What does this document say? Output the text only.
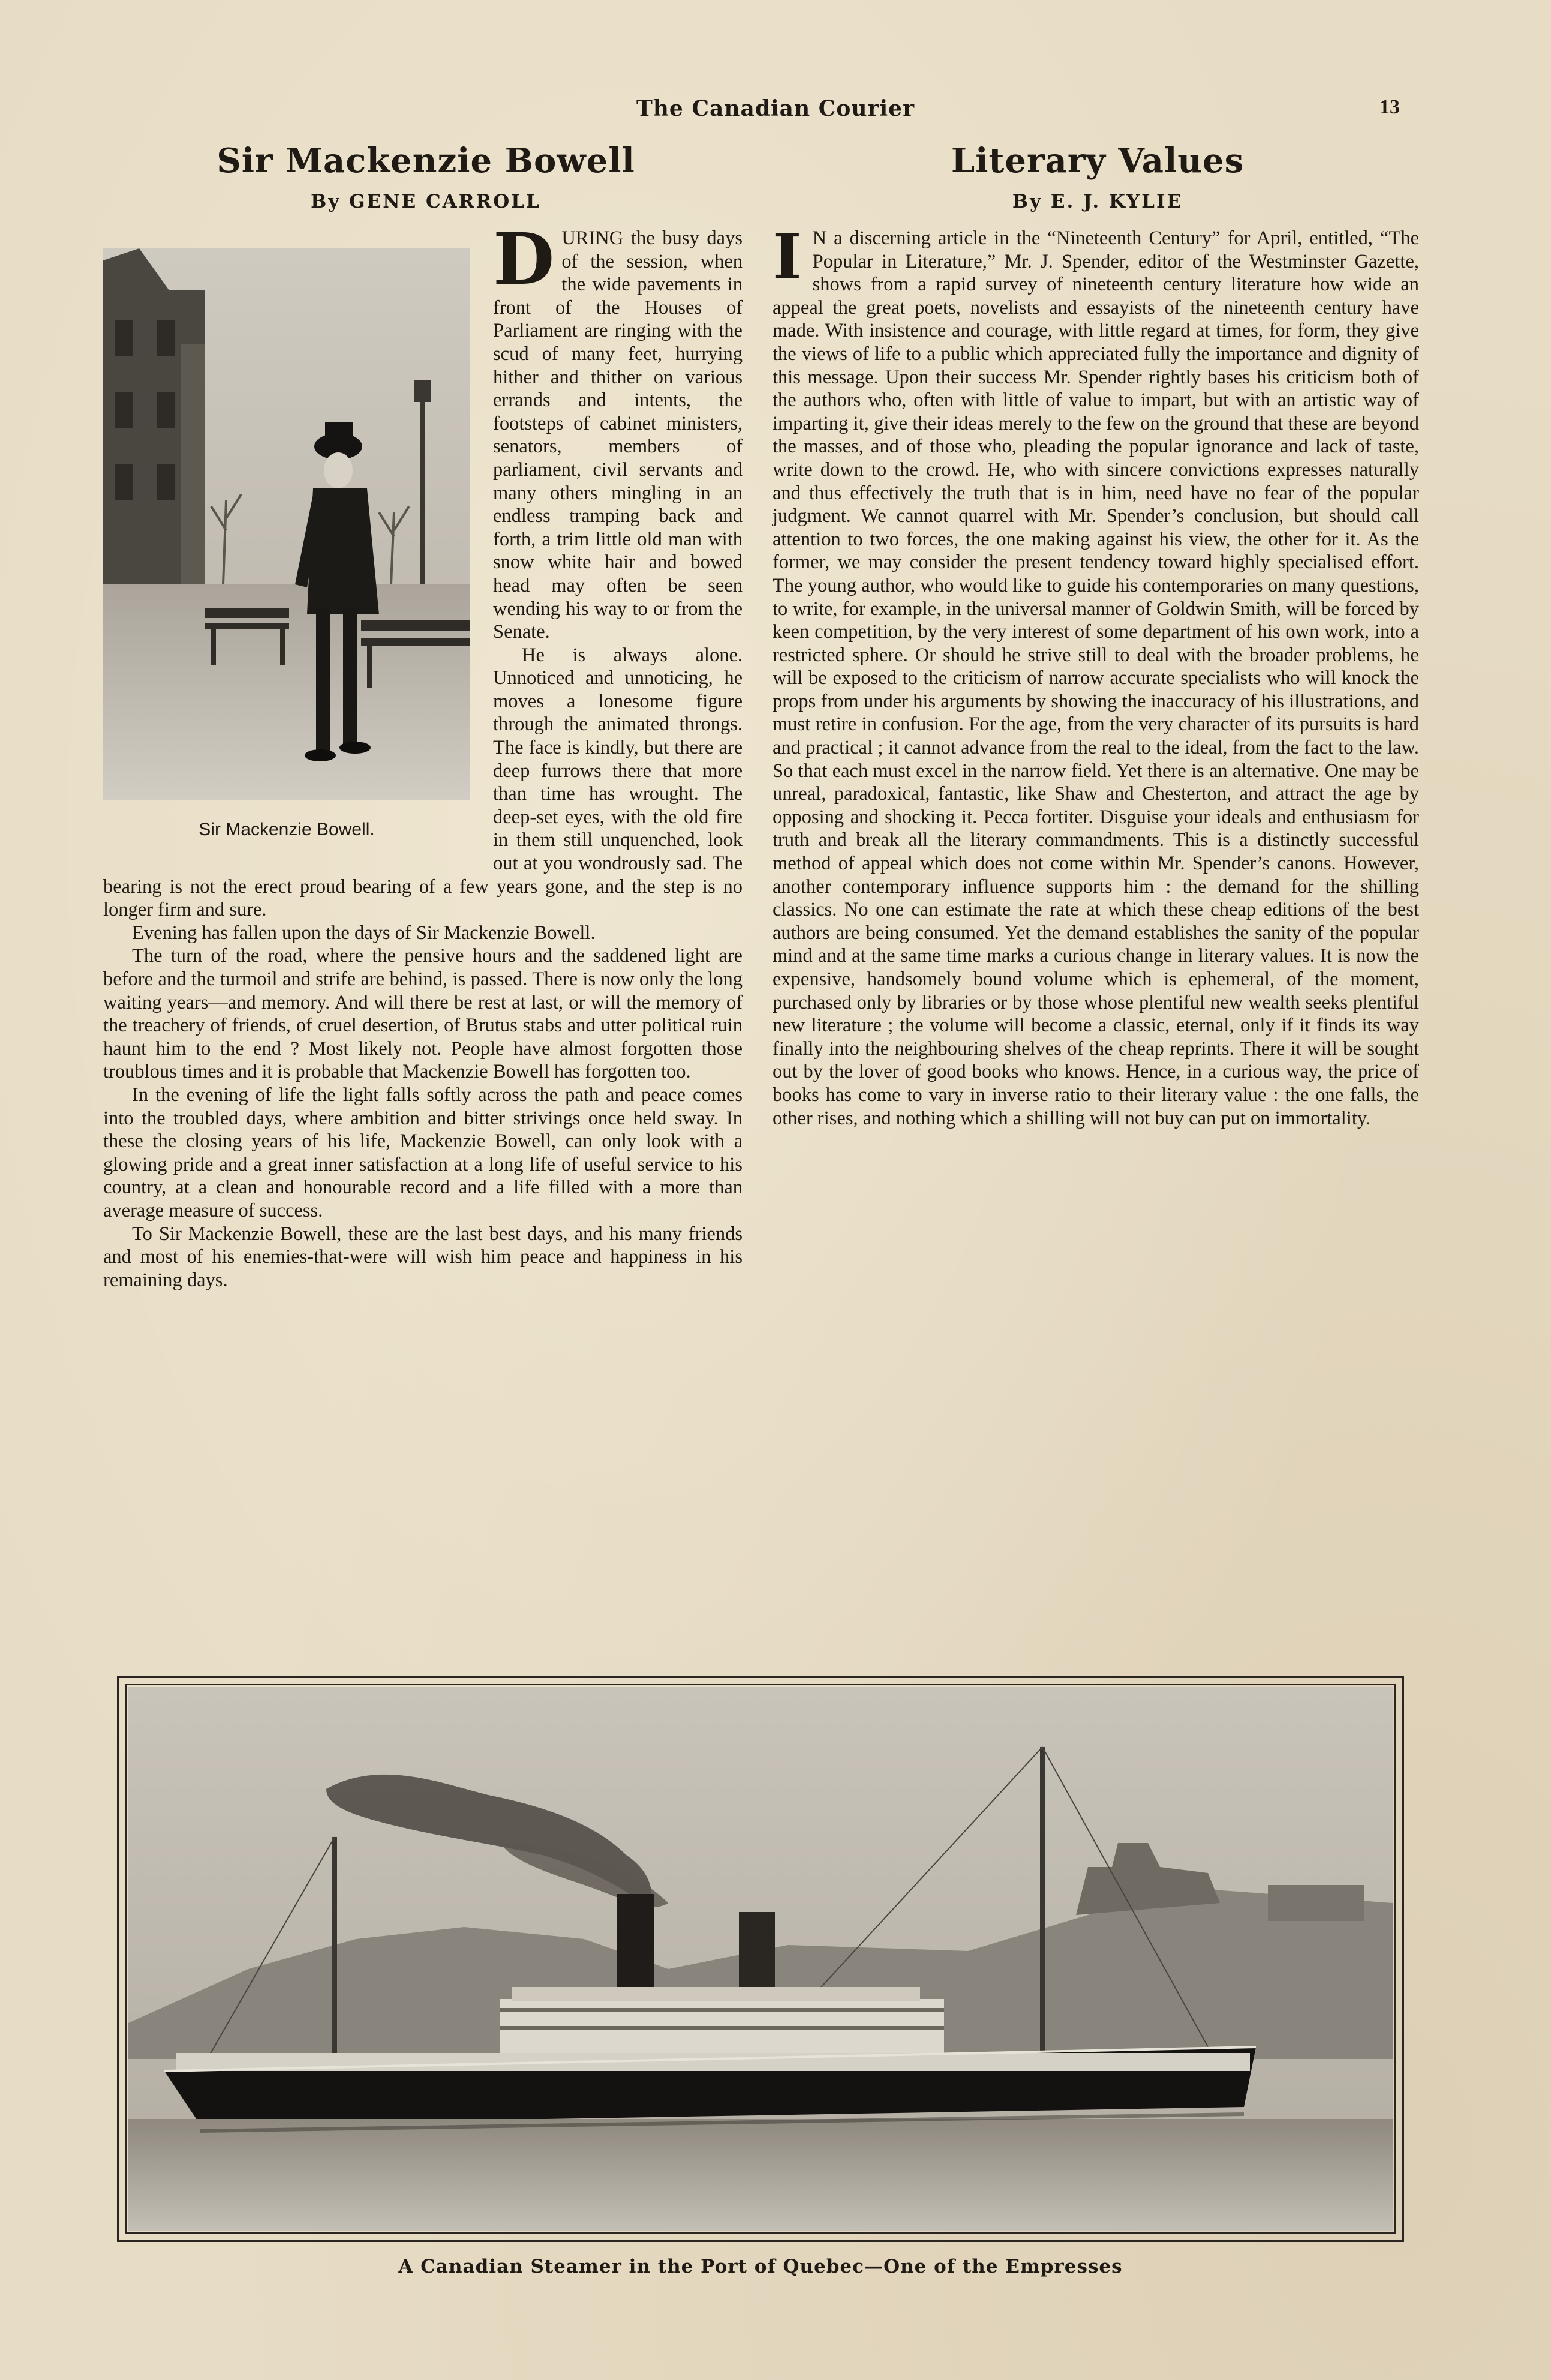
The Canadian Courier	13
Sir Mackenzie Bowell
By GENE CARROLL
Sir Mackenzie Bowell.

DURING the busy days of the session, when the wide pavements in front of the Houses of Parliament are ringing with the scud of many feet, hurrying hither and thither on various errands and intents, the footsteps of cabinet ministers, senators, members of parliament, civil servants and many others mingling in an endless tramping back and forth, a trim little old man with snow white hair and bowed head may often be seen wending his way to or from the Senate.

He is always alone. Unnoticed and unnoticing, he moves a lonesome figure through the animated throngs. The face is kindly, but there are deep furrows there that more than time has wrought. The deep-set eyes, with the old fire in them still unquenched, look out at you wondrously sad. The bearing is not the erect proud bearing of a few years gone, and the step is no longer firm and sure.

Evening has fallen upon the days of Sir Mackenzie Bowell.

The turn of the road, where the pensive hours and the saddened light are before and the turmoil and strife are behind, is passed. There is now only the long waiting years—and memory. And will there be rest at last, or will the memory of the treachery of friends, of cruel desertion, of Brutus stabs and utter political ruin haunt him to the end ? Most likely not. People have almost forgotten those troublous times and it is probable that Mackenzie Bowell has forgotten too.

In the evening of life the light falls softly across the path and peace comes into the troubled days, where ambition and bitter strivings once held sway. In these the closing years of his life, Mackenzie Bowell, can only look with a glowing pride and a great inner satisfaction at a long life of useful service to his country, at a clean and honourable record and a life filled with a more than average measure of success.

To Sir Mackenzie Bowell, these are the last best days, and his many friends and most of his enemies-that-were will wish him peace and happiness in his remaining days.

Literary Values
By E. J. KYLIE

I N a discerning article in the “Nineteenth Century” for April, entitled, “The Popular in Literature,” Mr. J. Spender, editor of the Westminster Gazette, shows from a rapid survey of nineteenth century literature how wide an appeal the great poets, novelists and essayists of the nineteenth century have made. With insistence and courage, with little regard at times, for form, they give the views of life to a public which appreciated fully the importance and dignity of this message. Upon their success Mr. Spender rightly bases his criticism both of the authors who, often with little of value to impart, but with an artistic way of imparting it, give their ideas merely to the few on the ground that these are beyond the masses, and of those who, pleading the popular ignorance and lack of taste, write down to the crowd. He, who with sincere convictions expresses naturally and thus effectively the truth that is in him, need have no fear of the popular judgment. We cannot quarrel with Mr. Spender’s conclusion, but should call attention to two forces, the one making against his view, the other for it. As the former, we may consider the present tendency toward highly specialised effort. The young author, who would like to guide his contemporaries on many questions, to write, for example, in the universal manner of Goldwin Smith, will be forced by keen competition, by the very interest of some department of his own work, into a restricted sphere. Or should he strive still to deal with the broader problems, he will be exposed to the criticism of narrow accurate specialists who will knock the props from under his arguments by showing the inaccuracy of his illustrations, and must retire in confusion. For the age, from the very character of its pursuits is hard and practical ; it cannot advance from the real to the ideal, from the fact to the law. So that each must excel in the narrow field. Yet there is an alternative. One may be unreal, paradoxical, fantastic, like Shaw and Chesterton, and attract the age by opposing and shocking it. Pecca fortiter. Disguise your ideals and enthusiasm for truth and break all the literary commandments. This is a distinctly successful method of appeal which does not come within Mr. Spender’s canons. However, another contemporary influence supports him : the demand for the shilling classics. No one can estimate the rate at which these cheap editions of the best authors are being consumed. Yet the demand establishes the sanity of the popular mind and at the same time marks a curious change in literary values. It is now the expensive, handsomely bound volume which is ephemeral, of the moment, purchased only by libraries or by those whose plentiful new wealth seeks plentiful new literature ; the volume will become a classic, eternal, only if it finds its way finally into the neighbouring shelves of the cheap reprints. There it will be sought out by the lover of good books who knows. Hence, in a curious way, the price of books has come to vary in inverse ratio to their literary value : the one falls, the other rises, and nothing which a shilling will not buy can put on immortality.

A Canadian Steamer in the Port of Quebec—One of the Empresses
